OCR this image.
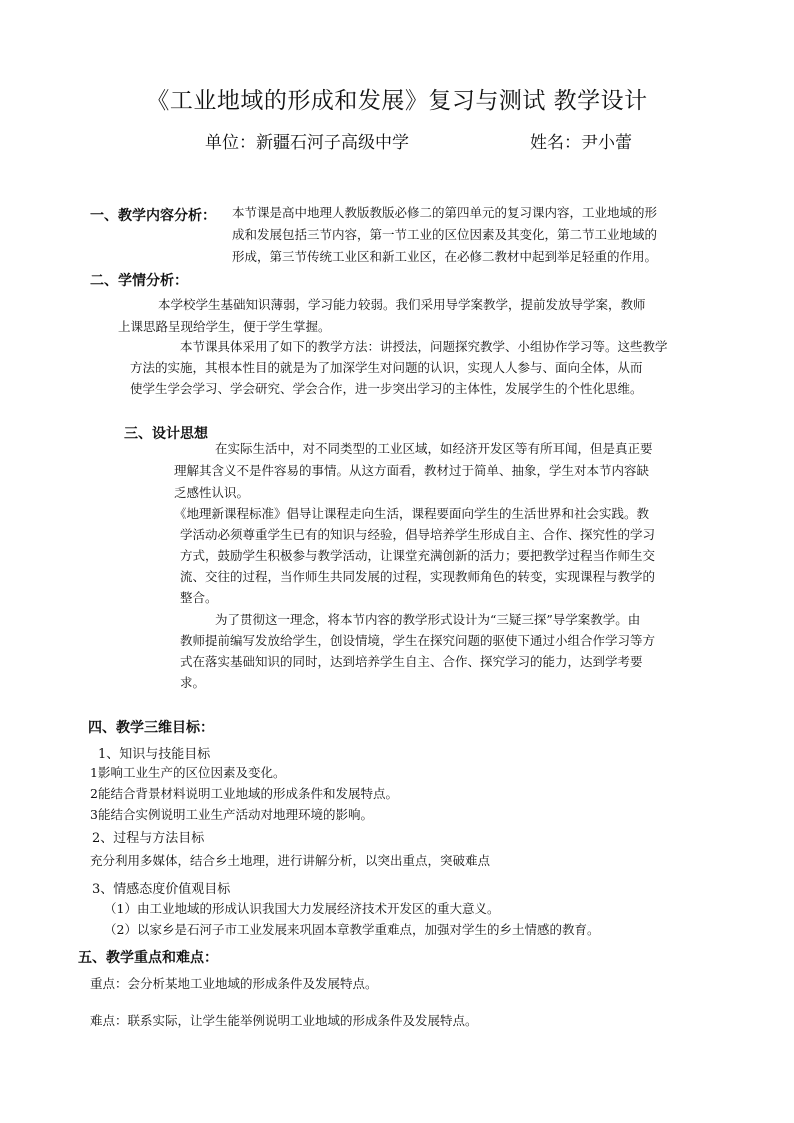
《工业地域的形成和发展》复习与测试 教学设计
单位：新疆石河子高级中学	姓名：尹小蕾
一、教学内容分析： 本节课是高中地理人教版教版必修二的第四单元的复习课内容，工业地域的形
成和发展包括三节内容，第一节工业的区位因素及其变化，第二节工业地域的
形成，第三节传统工业区和新工业区，在必修二教材中起到举足轻重的作用。
二、学情分析：
本学校学生基础知识薄弱，学习能力较弱。我们采用导学案教学，提前发放导学案，教师
上课思路呈现给学生，便于学生掌握。
本节课具体采用了如下的教学方法：讲授法，问题探究教学、小组协作学习等。这些教学
方法的实施，其根本性目的就是为了加深学生对问题的认识，实现人人参与、面向全体，从而
使学生学会学习、学会研究、学会合作，进一步突出学习的主体性，发展学生的个性化思维。
三、设计思想
在实际生活中，对不同类型的工业区域，如经济开发区等有所耳闻，但是真正要
理解其含义不是件容易的事情。从这方面看，教材过于简单、抽象，学生对本节内容缺
乏感性认识。
《地理新课程标准》倡导让课程走向生活，课程要面向学生的生活世界和社会实践。教
学活动必须尊重学生已有的知识与经验，倡导培养学生形成自主、合作、探究性的学习
方式，鼓励学生积极参与教学活动，让课堂充满创新的活力；要把教学过程当作师生交
流、交往的过程，当作师生共同发展的过程，实现教师角色的转变，实现课程与教学的
整合。
为了贯彻这一理念，将本节内容的教学形式设计为“三疑三探”导学案教学。由
教师提前编写发放给学生，创设情境，学生在探究问题的驱使下通过小组合作学习等方
式在落实基础知识的同时，达到培养学生自主、合作、探究学习的能力，达到学考要
求。
四、教学三维目标：
1、知识与技能目标
1影响工业生产的区位因素及变化。
2能结合背景材料说明工业地域的形成条件和发展特点。
3能结合实例说明工业生产活动对地理环境的影响。
2、过程与方法目标
充分利用多媒体，结合乡土地理，进行讲解分析，以突出重点，突破难点
3、情感态度价值观目标
（1）由工业地域的形成认识我国大力发展经济技术开发区的重大意义。
（2）以家乡是石河子市工业发展来巩固本章教学重难点，加强对学生的乡土情感的教育。
五、教学重点和难点：
重点：会分析某地工业地域的形成条件及发展特点。
难点：联系实际，让学生能举例说明工业地域的形成条件及发展特点。
